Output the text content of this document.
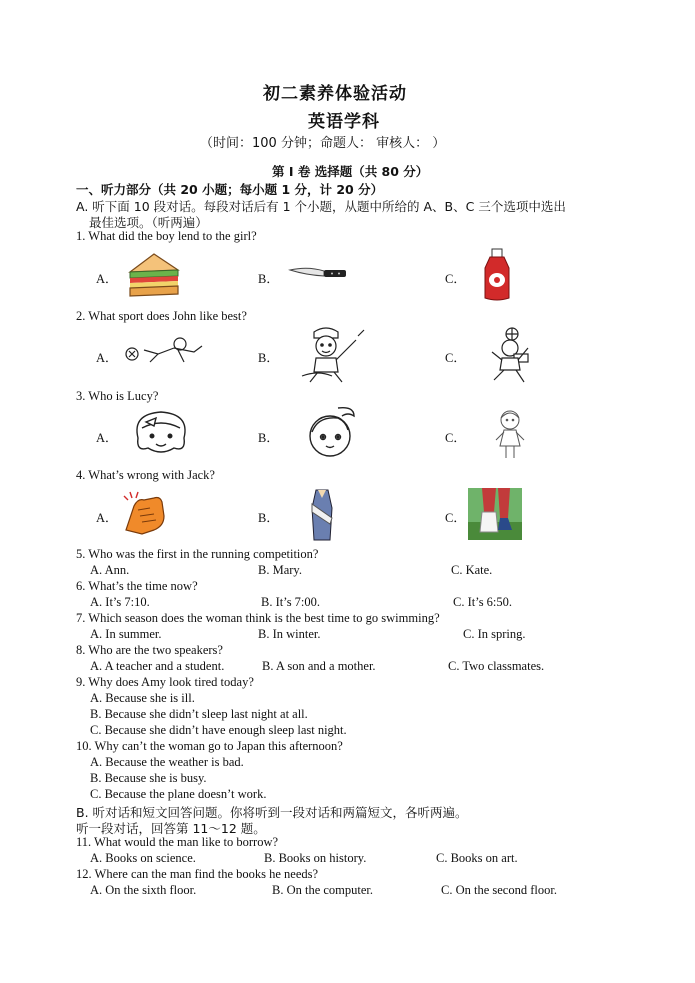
初二素养体验活动
英语学科
（时间：100 分钟；命题人： 审核人： ）
第 I 卷 选择题（共 80 分）
一、听力部分（共 20 小题；每小题 1 分，计 20 分）
A. 听下面 10 段对话。每段对话后有 1 个小题，从题中所给的 A、B、C 三个选项中选出
最佳选项。（听两遍）
1. What did the boy lend to the girl?
A．	B．	C．
2. What sport does John like best?
A．	B．	C．
3. Who is Lucy?
A．	B．	C．
4. What’s wrong with Jack?
A．	B．	C．
5. Who was the first in the running competition?
A. Ann.	B. Mary.	C. Kate.
6. What’s the time now?
A. It’s 7:10.	B. It’s 7:00.	C. It’s 6:50.
7. Which season does the woman think is the best time to go swimming?
A. In summer.	B. In winter.	C. In spring.
8. Who are the two speakers?
A. A teacher and a student.	B. A son and a mother.	C. Two classmates.
9. Why does Amy look tired today?
A. Because she is ill.
B. Because she didn’t sleep last night at all.
C. Because she didn’t have enough sleep last night.
10. Why can’t the woman go to Japan this afternoon?
A. Because the weather is bad.
B. Because she is busy.
C. Because the plane doesn’t work.
B. 听对话和短文回答问题。你将听到一段对话和两篇短文，各听两遍。
听一段对话，回答第 11～12 题。
11. What would the man like to borrow?
A. Books on science.	B. Books on history.	C. Books on art.
12. Where can the man find the books he needs?
A. On the sixth floor.	B. On the computer.	C. On the second floor.
